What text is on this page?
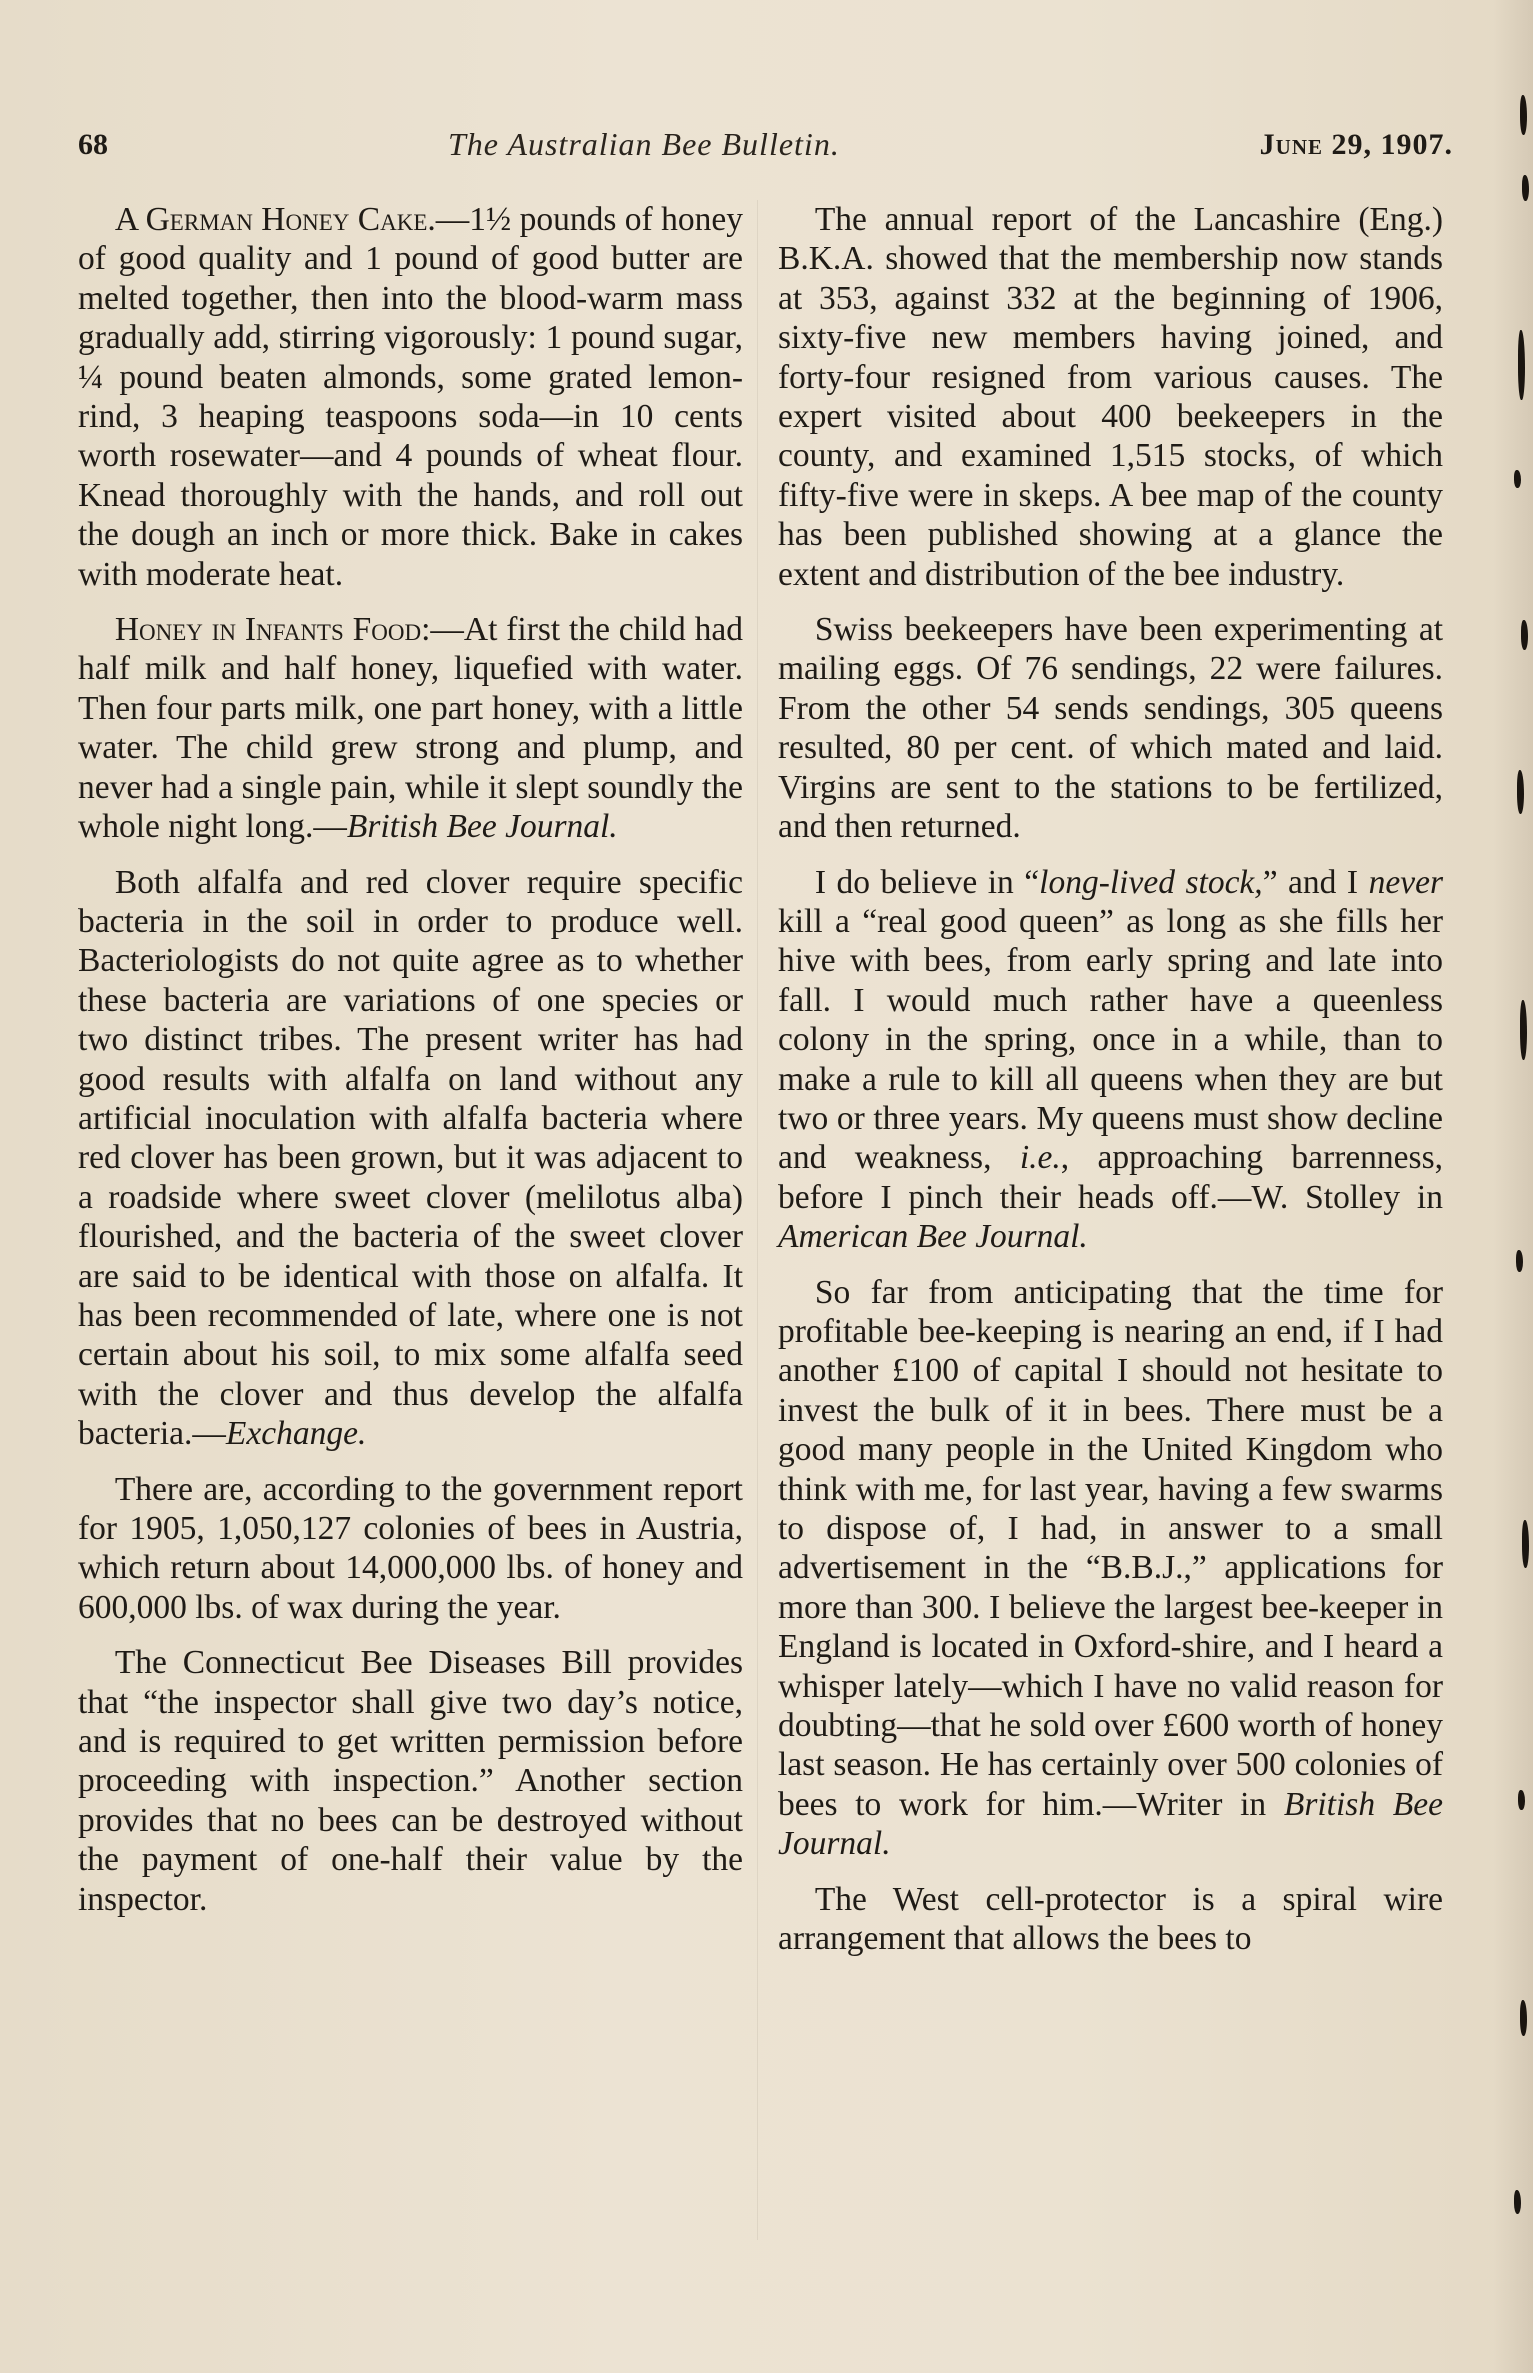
68	The Australian Bee Bulletin.	June 29, 1907.

A German Honey Cake.—1½ pounds of honey of good quality and 1 pound of good butter are melted together, then into the blood-warm mass gradually add, stirring vigorously: 1 pound sugar, ¼ pound beaten almonds, some grated lemon-rind, 3 heaping teaspoons soda—in 10 cents worth rosewater—and 4 pounds of wheat flour. Knead thoroughly with the hands, and roll out the dough an inch or more thick. Bake in cakes with moderate heat.

Honey in Infants Food:—At first the child had half milk and half honey, liquefied with water. Then four parts milk, one part honey, with a little water. The child grew strong and plump, and never had a single pain, while it slept soundly the whole night long.—British Bee Journal.

Both alfalfa and red clover require specific bacteria in the soil in order to produce well. Bacteriologists do not quite agree as to whether these bacteria are variations of one species or two distinct tribes. The present writer has had good results with alfalfa on land without any artificial inoculation with alfalfa bacteria where red clover has been grown, but it was adjacent to a roadside where sweet clover (melilotus alba) flourished, and the bacteria of the sweet clover are said to be identical with those on alfalfa. It has been recommended of late, where one is not certain about his soil, to mix some alfalfa seed with the clover and thus develop the alfalfa bacteria.—Exchange.

There are, according to the government report for 1905, 1,050,127 colonies of bees in Austria, which return about 14,000,000 lbs. of honey and 600,000 lbs. of wax during the year.

The Connecticut Bee Diseases Bill provides that “the inspector shall give two day’s notice, and is required to get written permission before proceeding with inspection.” Another section provides that no bees can be destroyed without the payment of one-half their value by the inspector.

The annual report of the Lancashire (Eng.) B.K.A. showed that the membership now stands at 353, against 332 at the beginning of 1906, sixty-five new members having joined, and forty-four resigned from various causes. The expert visited about 400 beekeepers in the county, and examined 1,515 stocks, of which fifty-five were in skeps. A bee map of the county has been published showing at a glance the extent and distribution of the bee industry.

Swiss beekeepers have been experimenting at mailing eggs. Of 76 sendings, 22 were failures. From the other 54 sends sendings, 305 queens resulted, 80 per cent. of which mated and laid. Virgins are sent to the stations to be fertilized, and then returned.

I do believe in “long-lived stock,” and I never kill a “real good queen” as long as she fills her hive with bees, from early spring and late into fall. I would much rather have a queenless colony in the spring, once in a while, than to make a rule to kill all queens when they are but two or three years. My queens must show decline and weakness, i.e., approaching barrenness, before I pinch their heads off.—W. Stolley in American Bee Journal.

So far from anticipating that the time for profitable bee-keeping is nearing an end, if I had another £100 of capital I should not hesitate to invest the bulk of it in bees. There must be a good many people in the United Kingdom who think with me, for last year, having a few swarms to dispose of, I had, in answer to a small advertisement in the “B.B.J.,” applications for more than 300. I believe the largest bee-keeper in England is located in Oxford-shire, and I heard a whisper lately—which I have no valid reason for doubting—that he sold over £600 worth of honey last season. He has certainly over 500 colonies of bees to work for him.—Writer in British Bee Journal.

The West cell-protector is a spiral wire arrangement that allows the bees to
